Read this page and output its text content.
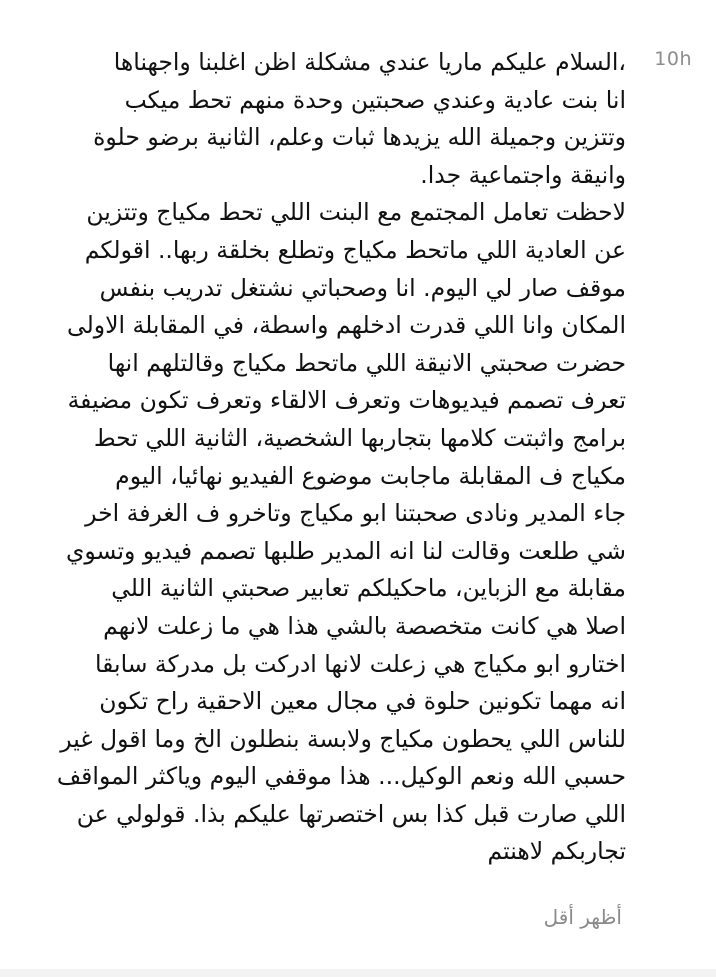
10h
،السلام عليكم ماريا عندي مشكلة اظن اغلبنا واجهناها
انا بنت عادية وعندي صحبتين وحدة منهم تحط ميكب
وتتزين وجميلة الله يزيدها ثبات وعلم، الثانية برضو حلوة
وانيقة واجتماعية جدا.
لاحظت تعامل المجتمع مع البنت اللي تحط مكياج وتتزين
عن العادية اللي ماتحط مكياج وتطلع بخلقة ربها.. اقولكم
موقف صار لي اليوم. انا وصحباتي نشتغل تدريب بنفس
المكان وانا اللي قدرت ادخلهم واسطة، في المقابلة الاولى
حضرت صحبتي الانيقة اللي ماتحط مكياج وقالتلهم انها
تعرف تصمم فيديوهات وتعرف الالقاء وتعرف تكون مضيفة
برامج واثبتت كلامها بتجاربها الشخصية، الثانية اللي تحط
مكياج ف المقابلة ماجابت موضوع الفيديو نهائيا، اليوم
جاء المدير ونادى صحبتنا ابو مكياج وتاخرو ف الغرفة اخر
شي طلعت وقالت لنا انه المدير طلبها تصمم فيديو وتسوي
مقابلة مع الزباين، ماحكيلكم تعابير صحبتي الثانية اللي
اصلا هي كانت متخصصة بالشي هذا هي ما زعلت لانهم
اختارو ابو مكياج هي زعلت لانها ادركت بل مدركة سابقا
انه مهما تكونين حلوة في مجال معين الاحقية راح تكون
للناس اللي يحطون مكياج ولابسة بنطلون الخ وما اقول غير
حسبي الله ونعم الوكيل... هذا موقفي اليوم وياكثر المواقف
اللي صارت قبل كذا بس اختصرتها عليكم بذا. قولولي عن
تجاربكم لاهنتم
أظهر أقل
